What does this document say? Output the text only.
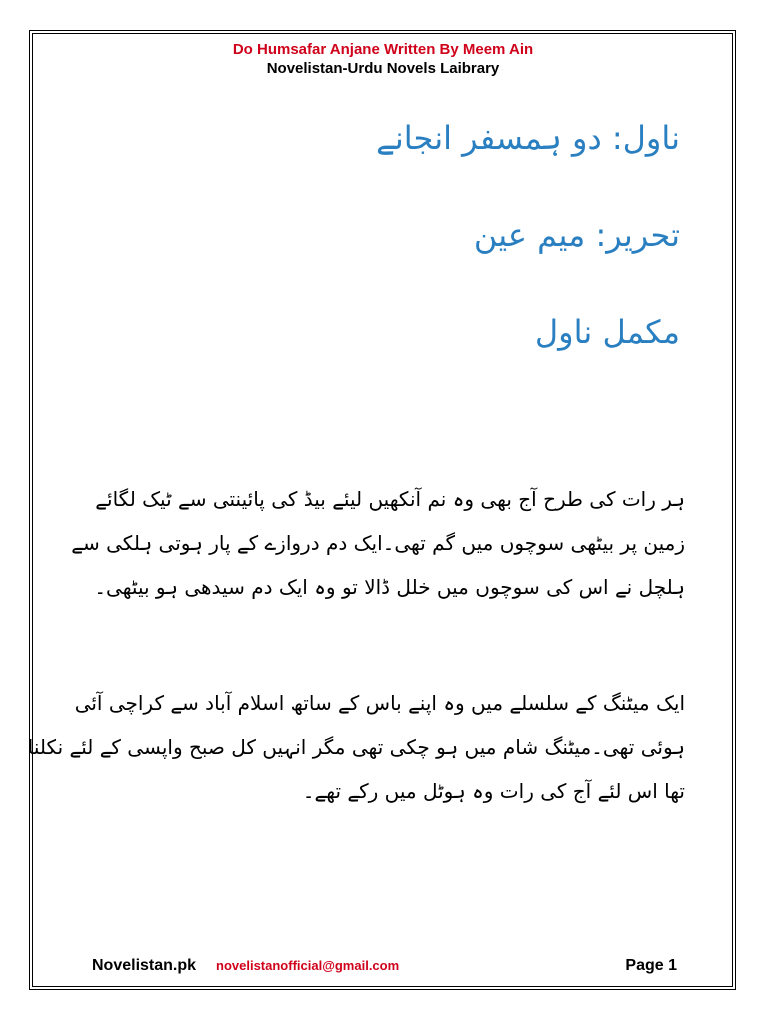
Do Humsafar Anjane Written By Meem Ain
Novelistan-Urdu Novels Laibrary
ناول: دو ہمسفر انجانے
تحریر: میم عین
مکمل ناول
ہر رات کی طرح آج بھی وہ نم آنکھیں لیئے بیڈ کی پائینتی سے ٹیک لگائے
زمین پر بیٹھی سوچوں میں گم تھی۔ایک دم دروازے کے پار ہوتی ہلکی سے
ہلچل نے اس کی سوچوں میں خلل ڈالا تو وہ ایک دم سیدھی ہو بیٹھی۔
ایک میٹنگ کے سلسلے میں وہ اپنے باس کے ساتھ اسلام آباد سے کراچی آئی
ہوئی تھی۔میٹنگ شام میں ہو چکی تھی مگر انہیں کل صبح واپسی کے لئے نکلنا
تھا اس لئے آج کی رات وہ ہوٹل میں رکے تھے۔
Novelistan.pk novelistanofficial@gmail.com	Page 1
